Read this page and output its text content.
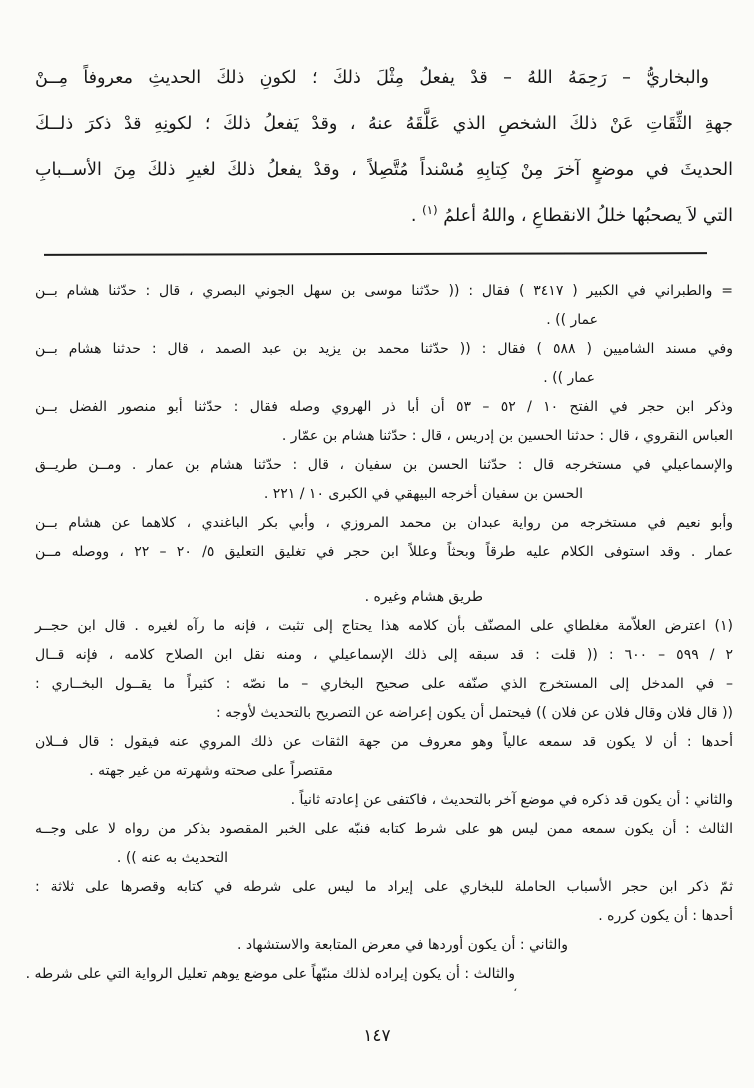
والبخاريُّ – رَحِمَهُ اللهُ – قدْ يفعلُ مِثْلَ ذلكَ ؛ لكونِ ذلكَ الحديثِ معروفاً مِــنْ
جهةِ الثِّقَاتِ عَنْ ذلكَ الشخصِ الذي عَلَّقَهُ عنهُ ، وقدْ يَفعلُ ذلكَ ؛ لكونِهِ قدْ ذكرَ ذلــكَ
الحديثَ في موضعٍ آخرَ مِنْ كِتابِهِ مُسْنداً مُتَّصِلاً ، وقدْ يفعلُ ذلكَ لغيرِ ذلكَ مِنَ الأســبابِ
التي لاَ يصحبُها خللُ الانقطاعِ ، واللهُ أعلمُ $^{(١)}$ .
= والطبراني في الكبير ( ٣٤١٧ ) فقال : (( حدّثنا موسى بن سهل الجوني البصري ، قال : حدّثنا هشام بــن
عمار )) .
وفي مسند الشاميين ( ٥٨٨ ) فقال : (( حدّثنا محمد بن يزيد بن عبد الصمد ، قال : حدثنا هشام بــن
عمار )) .
وذكر ابن حجر في الفتح ١٠ / ٥٢ – ٥٣ أن أبا ذر الهروي وصله فقال : حدّثنا أبو منصور الفضل بــن
العباس النقروي ، قال : حدثنا الحسين بن إدريس ، قال : حدّثنا هشام بن عمّار .
والإسماعيلي في مستخرجه قال : حدّثنا الحسن بن سفيان ، قال : حدّثنا هشام بن عمار . ومــن طريــق
الحسن بن سفيان أخرجه البيهقي في الكبرى ١٠ / ٢٢١ .
وأبو نعيم في مستخرجه من رواية عبدان بن محمد المروزي ، وأبي بكر الباغندي ، كلاهما عن هشام بــن
عمار . وقد استوفى الكلام عليه طرقاً وبحثاً وعللاً ابن حجر في تغليق التعليق ٥/ ٢٠ – ٢٢ ، ووصله مــن
طريق هشام وغيره .
(١) اعترض العلاّمة مغلطاي على المصنّف بأن كلامه هذا يحتاج إلى تثبت ، فإنه ما رآه لغيره . قال ابن حجــر
٢ / ٥٩٩ – ٦٠٠ : (( قلت : قد سبقه إلى ذلك الإسماعيلي ، ومنه نقل ابن الصلاح كلامه ، فإنه قــال
– في المدخل إلى المستخرج الذي صنّفه على صحيح البخاري – ما نصّه : كثيراً ما يقــول البخــاري :
(( قال فلان وقال فلان عن فلان )) فيحتمل أن يكون إعراضه عن التصريح بالتحديث لأوجه :
أحدها : أن لا يكون قد سمعه عالياً وهو معروف من جهة الثقات عن ذلك المروي عنه فيقول : قال فــلان
مقتصراً على صحته وشهرته من غير جهته .
والثاني : أن يكون قد ذكره في موضع آخر بالتحديث ، فاكتفى عن إعادته ثانياً .
الثالث : أن يكون سمعه ممن ليس هو على شرط كتابه فنبّه على الخبر المقصود بذكر من رواه لا على وجــه
التحديث به عنه )) .
ثمّ ذكر ابن حجر الأسباب الحاملة للبخاري على إيراد ما ليس على شرطه في كتابه وقصرها على ثلاثة :
أحدها : أن يكون كرره .
والثاني : أن يكون أوردها في معرض المتابعة والاستشهاد .
والثالث : أن يكون إيراده لذلك منبّهاً على موضع يوهم تعليل الرواية التي على شرطه .
١٤٧
،
